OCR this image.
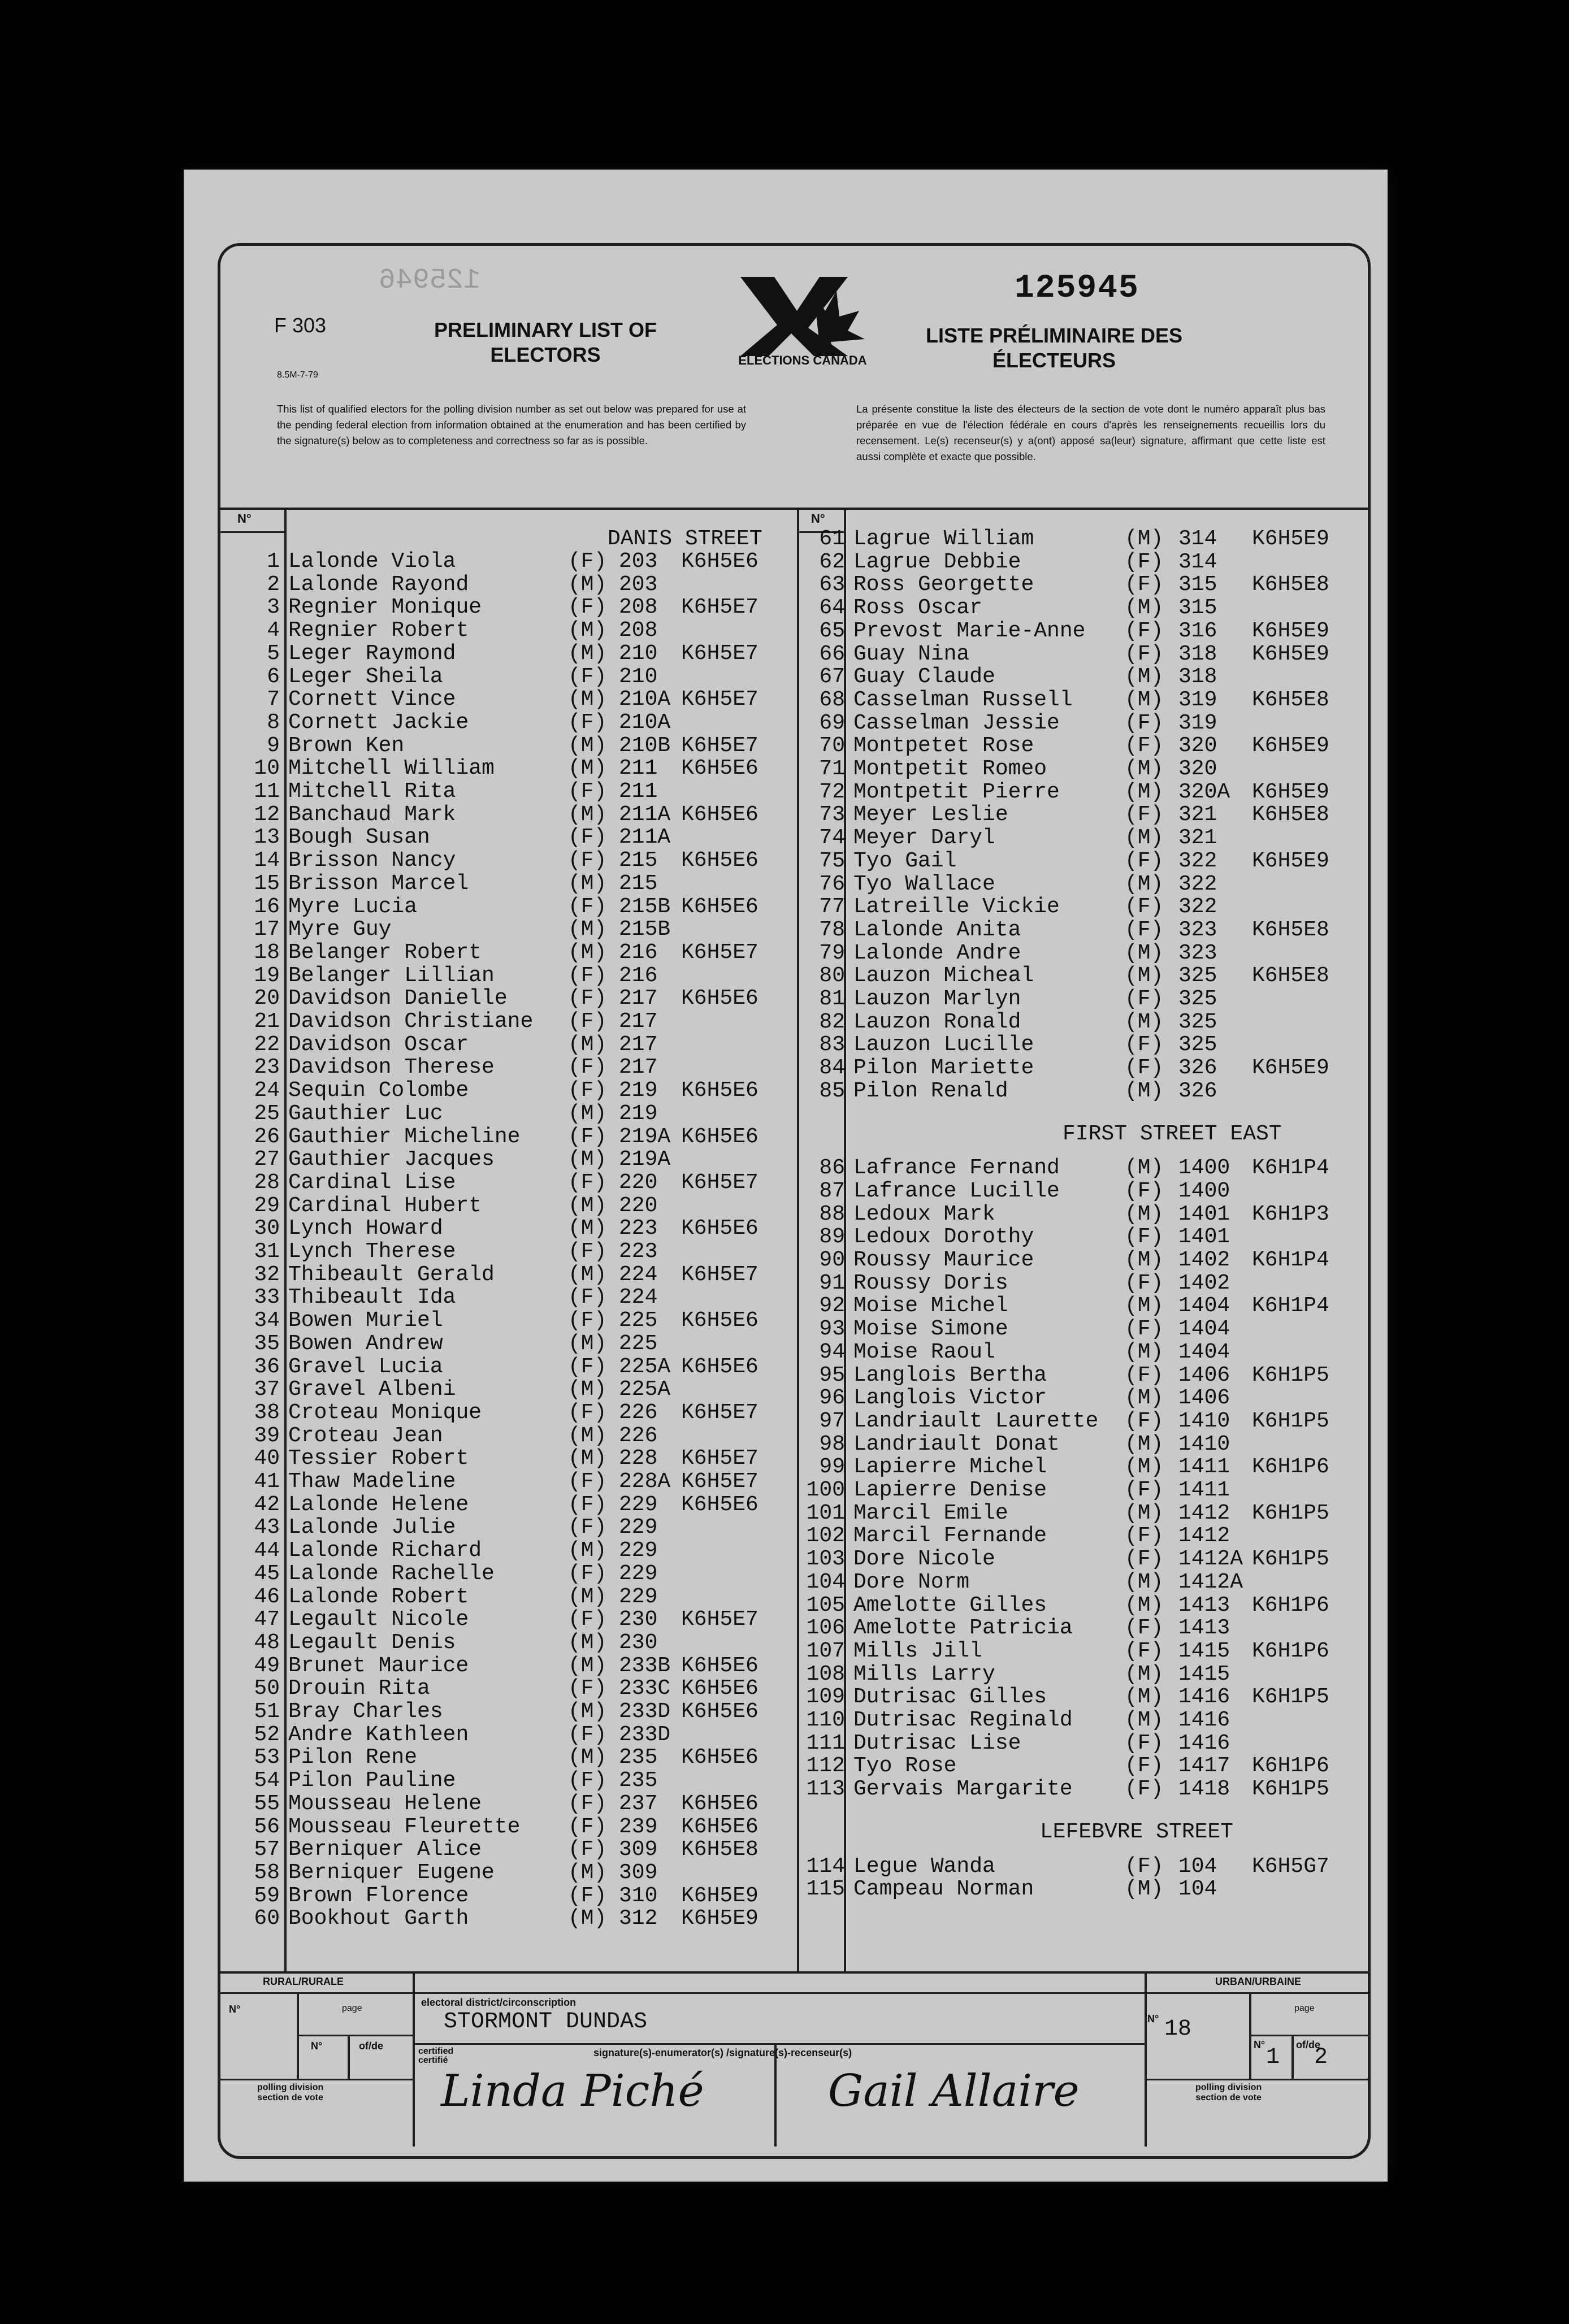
F 303
8.5M-7-79
PRELIMINARY LIST OF ELECTORS
LISTE PRÉLIMINAIRE DES ÉLECTEURS
125945
125946
ELECTIONS CANADA
This list of qualified electors for the polling division number as set out below was prepared for use at the pending federal election from information obtained at the enumeration and has been certified by the signature(s) below as to completeness and correctness so far as is possible.
La présente constitue la liste des électeurs de la section de vote dont le numéro apparaît plus bas préparée en vue de l'élection fédérale en cours d'après les renseignements recueillis lors du recensement. Le(s) recenseur(s) y a(ont) apposé sa(leur) signature, affirmant que cette liste est aussi complète et exacte que possible.
N°	N°
DANIS STREET
1 Lalonde Viola	(F) 203 K6H5E6
2 Lalonde Rayond	(M) 203
3 Regnier Monique	(F) 208 K6H5E7
4 Regnier Robert	(M) 208
5 Leger Raymond	(M) 210 K6H5E7
6 Leger Sheila	(F) 210
7 Cornett Vince	(M) 210A K6H5E7
8 Cornett Jackie	(F) 210A
9 Brown Ken	(M) 210B K6H5E7
10 Mitchell William	(M) 211 K6H5E6
11 Mitchell Rita	(F) 211
12 Banchaud Mark	(M) 211A K6H5E6
13 Bough Susan	(F) 211A
14 Brisson Nancy	(F) 215 K6H5E6
15 Brisson Marcel	(M) 215
16 Myre Lucia	(F) 215B K6H5E6
17 Myre Guy	(M) 215B
18 Belanger Robert	(M) 216 K6H5E7
19 Belanger Lillian	(F) 216
20 Davidson Danielle	(F) 217 K6H5E6
21 Davidson Christiane (F) 217
22 Davidson Oscar	(M) 217
23 Davidson Therese	(F) 217
24 Sequin Colombe	(F) 219 K6H5E6
25 Gauthier Luc	(M) 219
26 Gauthier Micheline (F) 219A K6H5E6
27 Gauthier Jacques	(M) 219A
28 Cardinal Lise	(F) 220 K6H5E7
29 Cardinal Hubert	(M) 220
30 Lynch Howard	(M) 223 K6H5E6
31 Lynch Therese	(F) 223
32 Thibeault Gerald	(M) 224 K6H5E7
33 Thibeault Ida	(F) 224
34 Bowen Muriel	(F) 225 K6H5E6
35 Bowen Andrew	(M) 225
36 Gravel Lucia	(F) 225A K6H5E6
37 Gravel Albeni	(M) 225A
38 Croteau Monique	(F) 226 K6H5E7
39 Croteau Jean	(M) 226
40 Tessier Robert	(M) 228 K6H5E7
41 Thaw Madeline	(F) 228A K6H5E7
42 Lalonde Helene	(F) 229 K6H5E6
43 Lalonde Julie	(F) 229
44 Lalonde Richard	(M) 229
45 Lalonde Rachelle	(F) 229
46 Lalonde Robert	(M) 229
47 Legault Nicole	(F) 230 K6H5E7
48 Legault Denis	(M) 230
49 Brunet Maurice	(M) 233B K6H5E6
50 Drouin Rita	(F) 233C K6H5E6
51 Bray Charles	(M) 233D K6H5E6
52 Andre Kathleen	(F) 233D
53 Pilon Rene	(M) 235 K6H5E6
54 Pilon Pauline	(F) 235
55 Mousseau Helene	(F) 237 K6H5E6
56 Mousseau Fleurette (F) 239 K6H5E6
57 Berniquer Alice	(F) 309 K6H5E8
58 Berniquer Eugene	(M) 309
59 Brown Florence	(F) 310 K6H5E9
60 Bookhout Garth	(M) 312 K6H5E9
61 Lagrue William	(M) 314 K6H5E9
62 Lagrue Debbie	(F) 314
63 Ross Georgette	(F) 315 K6H5E8
64 Ross Oscar	(M) 315
65 Prevost Marie-Anne (F) 316 K6H5E9
66 Guay Nina	(F) 318 K6H5E9
67 Guay Claude	(M) 318
68 Casselman Russell (M) 319 K6H5E8
69 Casselman Jessie	(F) 319
70 Montpetet Rose	(F) 320 K6H5E9
71 Montpetit Romeo	(M) 320
72 Montpetit Pierre	(M) 320A K6H5E9
73 Meyer Leslie	(F) 321 K6H5E8
74 Meyer Daryl	(M) 321
75 Tyo Gail	(F) 322 K6H5E9
76 Tyo Wallace	(M) 322
77 Latreille Vickie	(F) 322
78 Lalonde Anita	(F) 323 K6H5E8
79 Lalonde Andre	(M) 323
80 Lauzon Micheal	(M) 325 K6H5E8
81 Lauzon Marlyn	(F) 325
82 Lauzon Ronald	(M) 325
83 Lauzon Lucille	(F) 325
84 Pilon Mariette	(F) 326 K6H5E9
85 Pilon Renald	(M) 326
FIRST STREET EAST
86 Lafrance Fernand	(M) 1400 K6H1P4
87 Lafrance Lucille	(F) 1400
88 Ledoux Mark	(M) 1401 K6H1P3
89 Ledoux Dorothy	(F) 1401
90 Roussy Maurice	(M) 1402 K6H1P4
91 Roussy Doris	(F) 1402
92 Moise Michel	(M) 1404 K6H1P4
93 Moise Simone	(F) 1404
94 Moise Raoul	(M) 1404
95 Langlois Bertha	(F) 1406 K6H1P5
96 Langlois Victor	(M) 1406
97 Landriault Laurette (F) 1410 K6H1P5
98 Landriault Donat	(M) 1410
99 Lapierre Michel	(M) 1411 K6H1P6
100 Lapierre Denise	(F) 1411
101 Marcil Emile	(M) 1412 K6H1P5
102 Marcil Fernande	(F) 1412
103 Dore Nicole	(F) 1412A K6H1P5
104 Dore Norm	(M) 1412A
105 Amelotte Gilles	(M) 1413 K6H1P6
106 Amelotte Patricia (F) 1413
107 Mills Jill	(F) 1415 K6H1P6
108 Mills Larry	(M) 1415
109 Dutrisac Gilles	(M) 1416 K6H1P5
110 Dutrisac Reginald (M) 1416
111 Dutrisac Lise	(F) 1416
112 Tyo Rose	(F) 1417 K6H1P6
113 Gervais Margarite (F) 1418 K6H1P5
LEFEBVRE STREET
114 Legue Wanda	(F) 104 K6H5G7
115 Campeau Norman	(M) 104
RURAL/RURALE
N°	page
N°	of/de
polling division
section de vote
electoral district/circonscription
STORMONT DUNDAS
certified
certifié
signature(s)-enumerator(s) /signature(s)-recenseur(s)
Linda Piché	Gail Allaire
URBAN/URBAINE
N° 18
page
N° 1 of/de
2
polling division
section de vote
